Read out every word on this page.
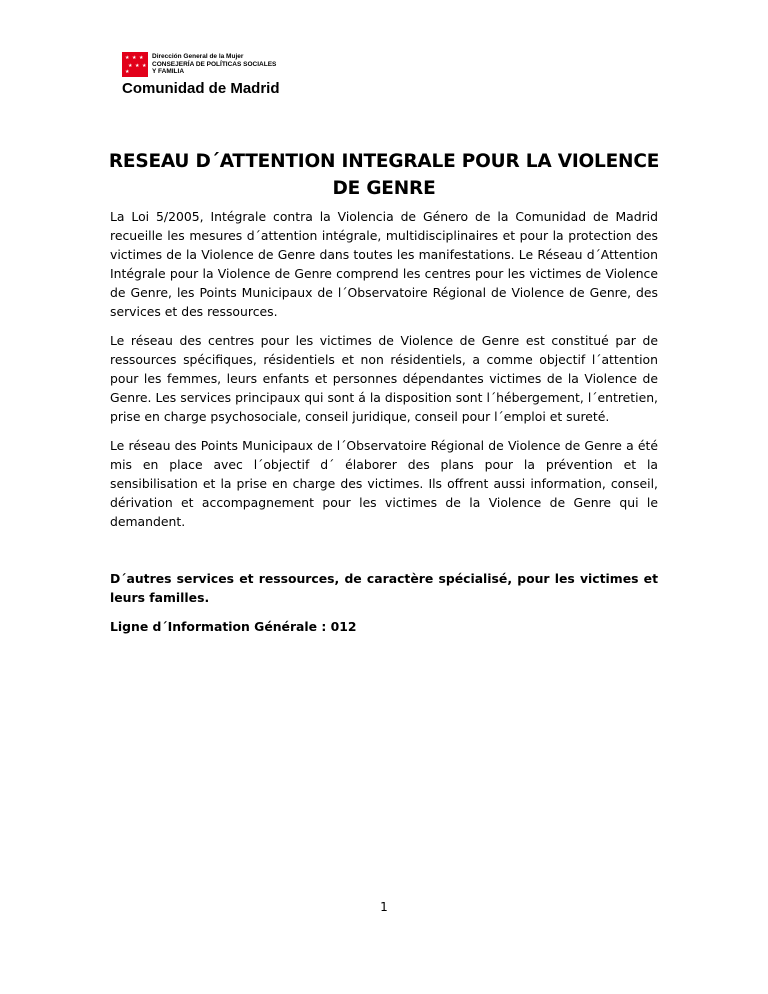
★ ★ ★
★ ★ ★
★
Dirección General de la Mujer
CONSEJERÍA DE POLÍTICAS SOCIALES
Y FAMILIA
Comunidad de Madrid
RESEAU D´ATTENTION INTEGRALE POUR LA VIOLENCE DE GENRE

La Loi 5/2005, Intégrale contra la Violencia de Género de la Comunidad de Madrid recueille les mesures d´attention intégrale, multidisciplinaires et pour la protection des victimes de la Violence de Genre dans toutes les manifestations. Le Réseau d´Attention Intégrale pour la Violence de Genre comprend les centres pour les victimes de Violence de Genre, les Points Municipaux de l´Observatoire Régional de Violence de Genre, des services et des ressources.

Le réseau des centres pour les victimes de Violence de Genre est constitué par de ressources spécifiques, résidentiels et non résidentiels, a comme objectif l´attention pour les femmes, leurs enfants et personnes dépendantes victimes de la Violence de Genre. Les services principaux qui sont á la disposition sont l´hébergement, l´entretien, prise en charge psychosociale, conseil juridique, conseil pour l´emploi et sureté.

Le réseau des Points Municipaux de l´Observatoire Régional de Violence de Genre a été mis en place avec l´objectif d´ élaborer des plans pour la prévention et la sensibilisation et la prise en charge des victimes. Ils offrent aussi information, conseil, dérivation et accompagnement pour les victimes de la Violence de Genre qui le demandent.

D´autres services et ressources, de caractère spécialisé, pour les victimes et leurs familles.

Ligne d´Information Générale : 012

1
